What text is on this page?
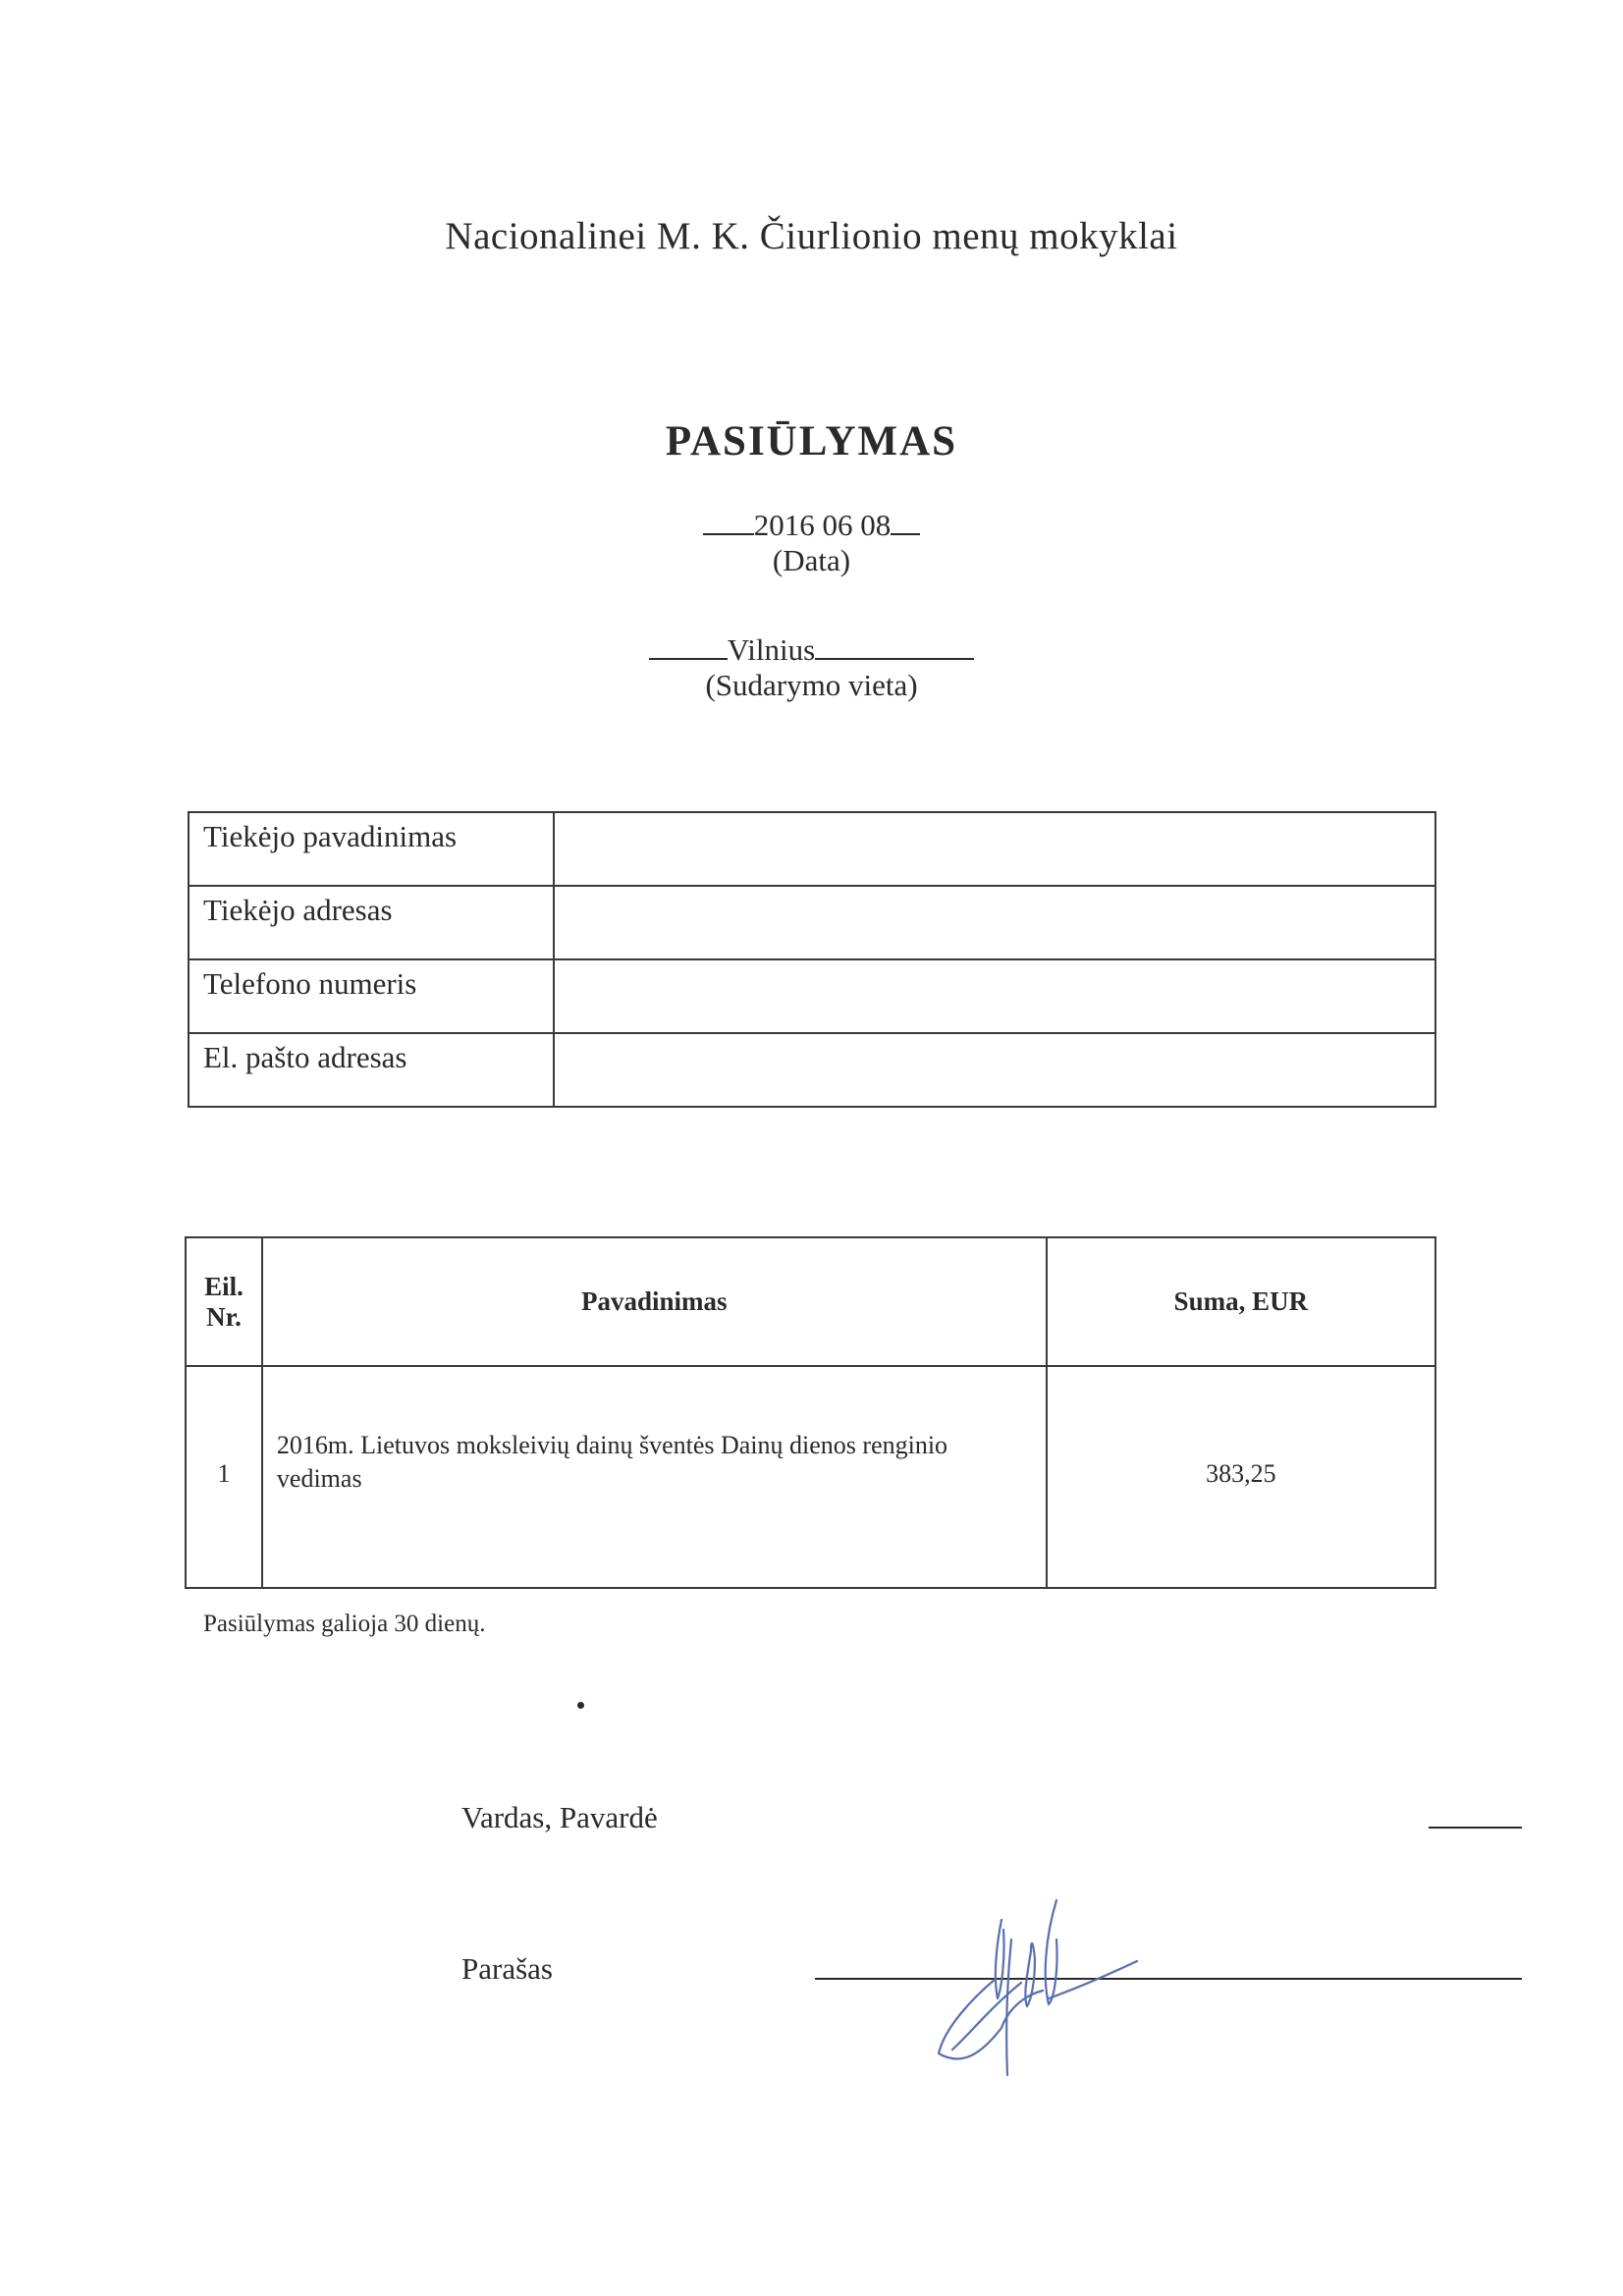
Nacionalinei M. K. Čiurlionio menų mokyklai
PASIŪLYMAS
2016 06 08
(Data)
Vilnius
(Sudarymo vieta)
Tiekėjo pavadinimas	
Tiekėjo adresas	
Telefono numeris	
El. pašto adresas	
Eil.
Nr.	Pavadinimas	Suma, EUR
1	2016m. Lietuvos moksleivių dainų šventės Dainų dienos renginio vedimas	383,25
Pasiūlymas galioja 30 dienų.
Vardas, Pavardė
Parašas
